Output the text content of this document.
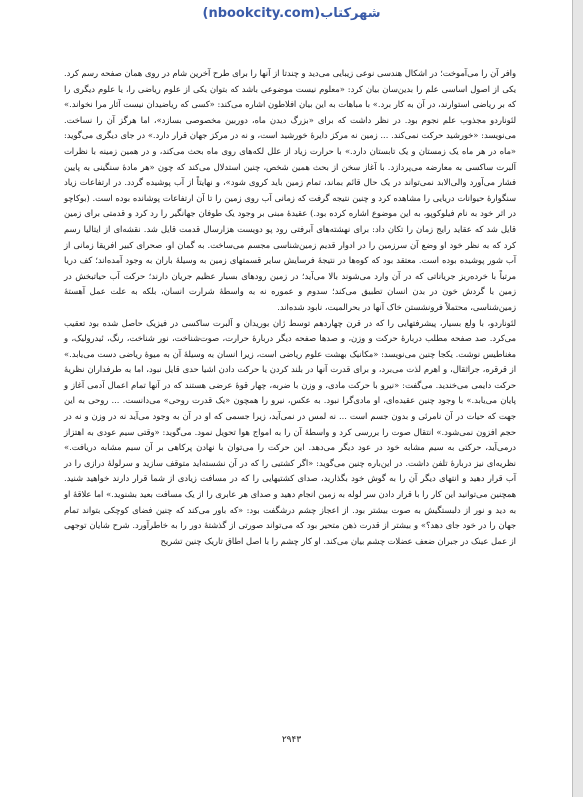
(nbookcity.com)شهرکتاب

وافر آن را می‌آموخت؛ در اشکال هندسی نوعی زیبایی می‌دید و چندتا از آنها را برای طرح آخرین شام در روی همان صفحه رسم کرد. یکی از اصول اساسی علم را بدین‌سان بیان کرد: «معلوم نیست موضوعی باشد که بتوان یکی از علوم ریاضی را، یا علوم دیگری را که بر ریاضی استوارند، در آن به کار برد.» با مباهات به این بیان افلاطون اشاره می‌کند: «کسی که ریاضیدان نیست آثار مرا نخواند.» لئوناردو مجذوب علم نجوم بود. در نظر داشت که برای «بزرگ دیدن ماه، دوربین مخصوصی بسازد»، اما هرگز آن را نساخت. می‌نویسد: «خورشید حرکت نمی‌کند. ... زمین نه مرکز دایرهٔ خورشید است، و نه در مرکز جهان قرار دارد.» در جای دیگری می‌گوید: «ماه در هر ماه یک زمستان و یک تابستان دارد.» با حرارت زیاد از علل لکه‌های روی ماه بحث می‌کند، و در همین زمینه با نظرات آلبرت ساکسی به معارضه می‌پردازد. با آغاز سخن از بحث همین شخص، چنین استدلال می‌کند که چون «هر مادهٔ سنگینی به پایین فشار می‌آورد والی‌الابد نمی‌تواند در یک حال قائم بماند، تمام زمین باید کروی شود»، و نهایتاً از آب پوشیده گردد. در ارتفاعات زیاد سنگوارهٔ حیوانات دریایی را مشاهده کرد و چنین نتیجه گرفت که زمانی آب روی زمین را تا آن ارتفاعات پوشانده بوده است. (بوکاچو در اثر خود به نام فیلوکوپو، به این موضوع اشاره کرده بود.) عقیدهٔ مبنی بر وجود یک طوفان جهانگیر را رد کرد و قدمتی برای زمین قایل شد که عقاید رایج زمان را تکان داد: برای نهشته‌های آبرفتی رود پو دویست هزارسال قدمت قایل شد. نقشه‌ای از ایتالیا رسم کرد که به نظر خود او وضع آن سرزمین را در ادوار قدیم زمین‌شناسی مجسم می‌ساخت. به گمان او، صحرای کبیر افریقا زمانی از آب شور پوشیده بوده است. معتقد بود که کوه‌ها در نتیجهٔ فرسایش سایر قسمتهای زمین به وسیلهٔ باران به وجود آمده‌اند؛ کف دریا مرتباً با خرده‌ریز جریاناتی که در آن وارد می‌شوند بالا می‌آید؛ در زمین رودهای بسیار عظیم جریان دارند؛ حرکت آب حیاتبخش در زمین با گردش خون در بدن انسان تطبیق می‌کند؛ سدوم و عموره نه به واسطهٔ شرارت انسان، بلکه به علت عمل آهستهٔ زمین‌شناسی، محتملاً فرونشستن خاک آنها در بحرالمیت، نابود شده‌اند.

لئوناردو، با ولع بسیار، پیشرفتهایی را که در قرن چهاردهم توسط ژان بوریدان و آلبرت ساکسی در فیزیک حاصل شده بود تعقیب می‌کرد. صد صفحه مطلب دربارهٔ حرکت و وزن، و صدها صفحه دیگر دربارهٔ حرارت، صوت‌شناخت، نور شناخت، رنگ، ئیدرولیک، و مغناطیس نوشت. یکجا چنین می‌نویسد: «مکانیک بهشت علوم ریاضی است، زیرا انسان به وسیلهٔ آن به میوهٔ ریاضی دست می‌یابد.» از قرقره، جراثقال، و اهرم لذت می‌برد، و برای قدرت آنها در بلند کردن یا حرکت دادن اشیا حدی قایل نبود، اما به طرفداران نظریهٔ حرکت دایمی می‌خندید. می‌گفت: «نیرو با حرکت مادی، و وزن با ضربه، چهار قوهٔ عرضی هستند که در آنها تمام اعمال آدمی آغاز و پایان می‌یابد.» با وجود چنین عقیده‌ای، او مادی‌گرا نبود. به عکس، نیرو را همچون «یک قدرت روحی» می‌دانست. ... روحی به این جهت که حیات در آن نامرئی و بدون جسم است ... نه لمس در نمی‌آید، زیرا جسمی که او در آن به وجود می‌آید نه در وزن و نه در حجم افزون نمی‌شود.» انتقال صوت را بررسی کرد و واسطهٔ آن را به امواج هوا تحویل نمود. می‌گوید: «وقتی سیم عودی به اهتزاز درمی‌آید، حرکتی به سیم مشابه خود در عود دیگر می‌دهد. این حرکت را می‌توان با نهادن پرکاهی بر آن سیم مشابه دریافت.» نظریه‌ای نیز دربارهٔ تلفن داشت. در این‌باره چنین می‌گوید: «اگر کشتیی را که در آن نشسته‌اید متوقف سازید و سرلولهٔ درازی را در آب قرار دهید و انتهای دیگر آن را به گوش خود بگذارید، صدای کشتیهایی را که در مسافت زیادی از شما قرار دارند خواهید شنید. همچنین می‌توانید این کار را با قرار دادن سر لوله به زمین انجام دهید و صدای هر عابری را از یک مسافت بعید بشنوید.» اما علاقهٔ او به دید و نور از دلبستگیش به صوت بیشتر بود. از اعجاز چشم درشگفت بود: «که باور می‌کند که چنین فضای کوچکی بتواند تمام جهان را در خود جای دهد؟» و بیشتر از قدرت ذهن متحیر بود که می‌تواند صورتی از گذشتهٔ دور را به خاطرآورد. شرح شایان توجهی از عمل عینک در جبران ضعف عضلات چشم بیان می‌کند. او کار چشم را با اصل اطاق تاریک چنین تشریح

۲۹۴۳
